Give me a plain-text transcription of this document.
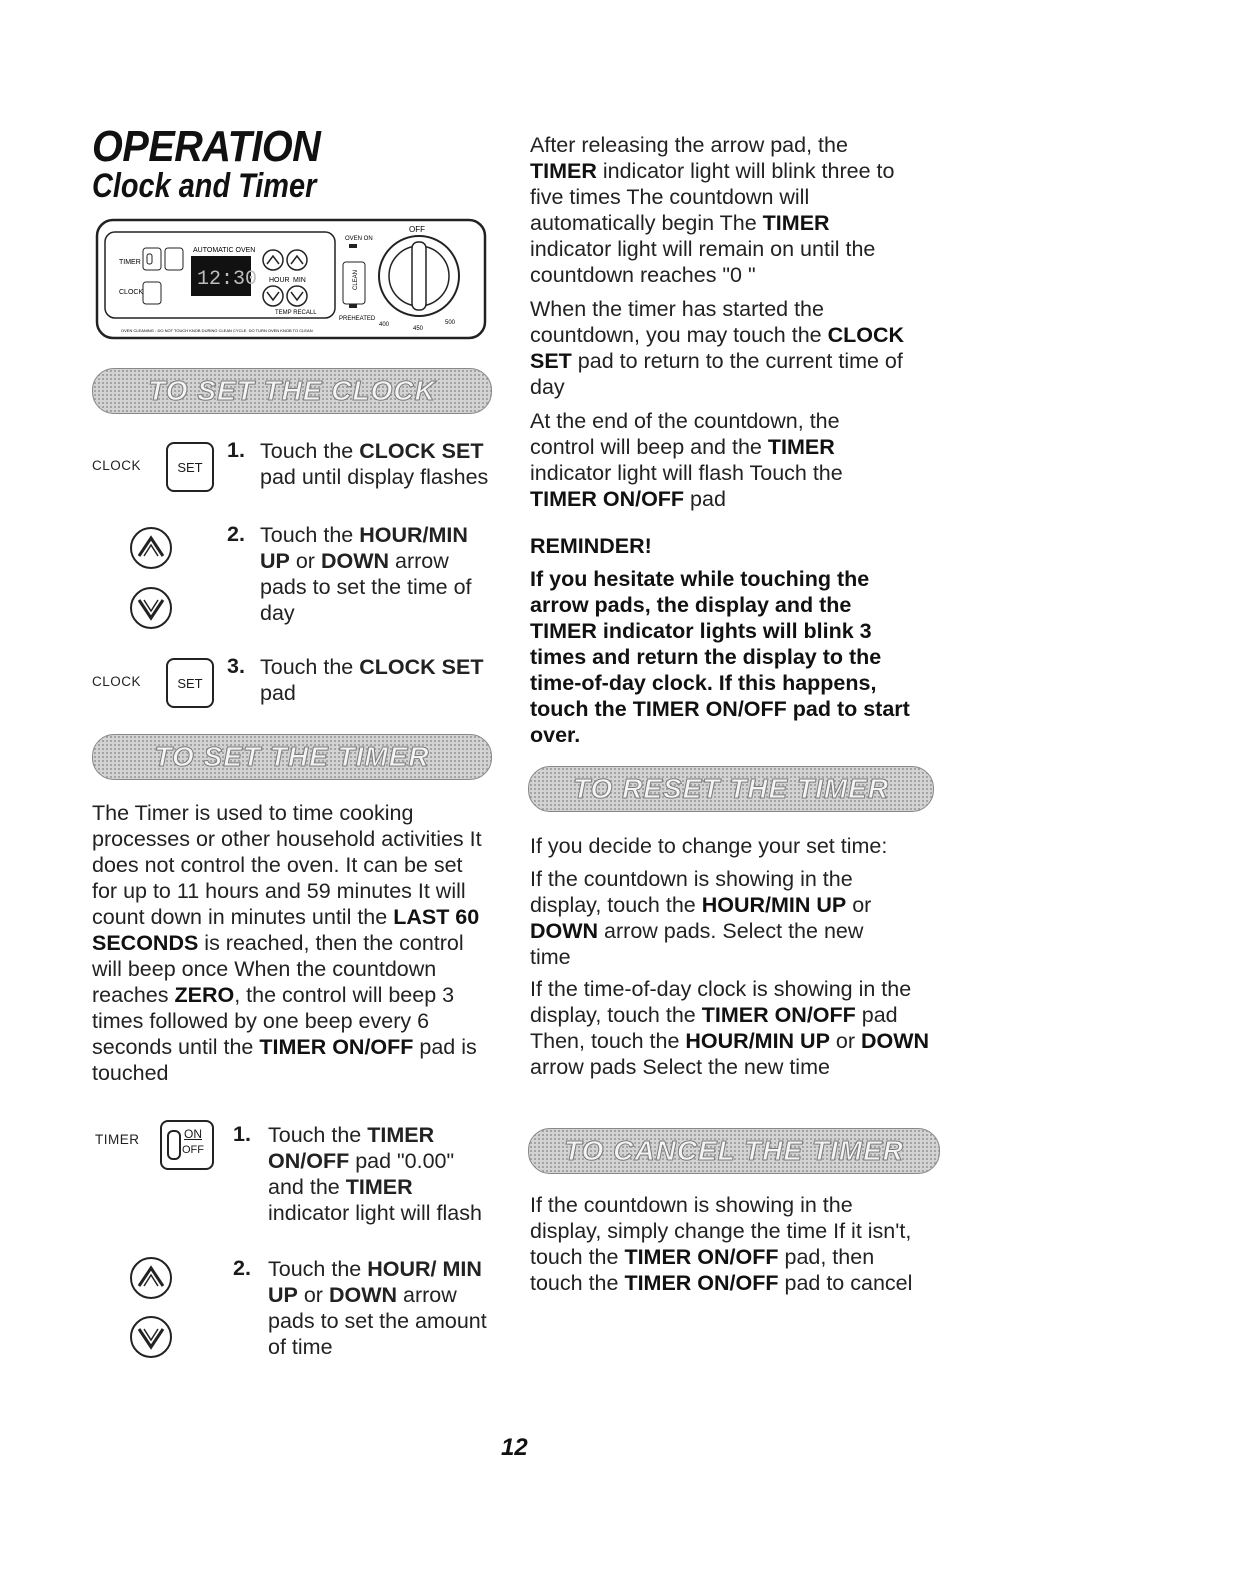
OPERATION
Clock and Timer
TIMER
CLOCK
AUTOMATIC OVEN
12:30 HOUR MIN
TEMP RECALL
OVEN ON
CLEAN
PREHEATED
OFF
400
450
500
OVEN CLEANING - DO NOT TOUCH KNOB DURING CLEAN CYCLE. DO TURN OVEN KNOB TO CLEAN
TO SET THE CLOCK
CLOCK	SET
1. Touch the CLOCK SET pad until display flashes
2. Touch the HOUR/MIN UP or DOWN arrow pads to set the time of day
CLOCK	SET
3. Touch the CLOCK SET pad
TO SET THE TIMER
The Timer is used to time cooking processes or other household activities It does not control the oven. It can be set for up to 11 hours and 59 minutes It will count down in minutes until the LAST 60 SECONDS is reached, then the control will beep once When the countdown reaches ZERO, the control will beep 3 times followed by one beep every 6 seconds until the TIMER ON/OFF pad is touched
TIMER	ON
OFF
1. Touch the TIMER ON/OFF pad "0.00" and the TIMER indicator light will flash
2. Touch the HOUR/ MIN UP or DOWN arrow pads to set the amount of time
After releasing the arrow pad, the TIMER indicator light will blink three to five times The countdown will automatically begin The TIMER indicator light will remain on until the countdown reaches "0 "
When the timer has started the countdown, you may touch the CLOCK SET pad to return to the current time of day
At the end of the countdown, the control will beep and the TIMER indicator light will flash Touch the TIMER ON/OFF pad
REMINDER!
If you hesitate while touching the arrow pads, the display and the TIMER indicator lights will blink 3 times and return the display to the time-of-day clock. If this happens, touch the TIMER ON/OFF pad to start over.
TO RESET THE TIMER
If you decide to change your set time:
If the countdown is showing in the display, touch the HOUR/MIN UP or DOWN arrow pads. Select the new time
If the time-of-day clock is showing in the display, touch the TIMER ON/OFF pad Then, touch the HOUR/MIN UP or DOWN arrow pads Select the new time
TO CANCEL THE TIMER
If the countdown is showing in the display, simply change the time If it isn't, touch the TIMER ON/OFF pad, then touch the TIMER ON/OFF pad to cancel
12
